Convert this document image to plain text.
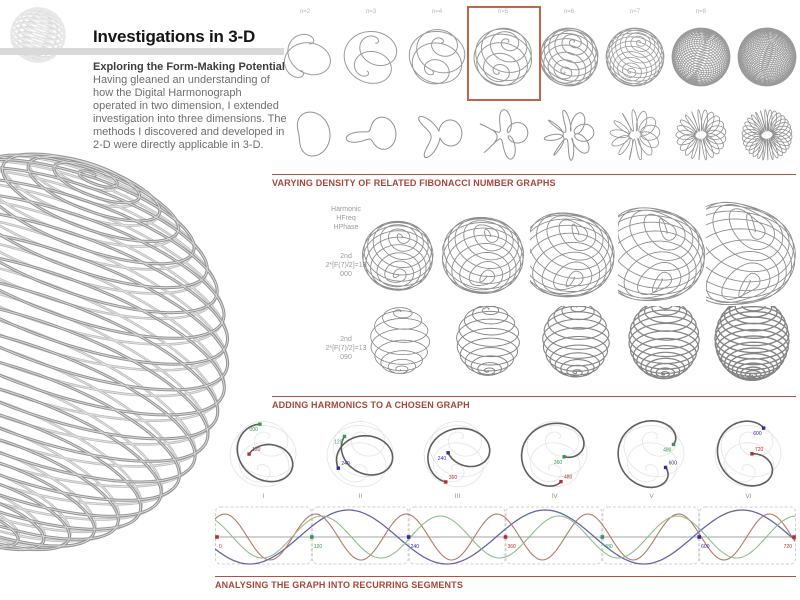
Investigations in 3-D
Exploring the Form-Making Potential

Having gleaned an understanding of how the Digital Harmonograph operated in two dimension, I extended investigation into three dimensions. The methods I discovered and developed in 2-D were directly applicable in 3-D.

VARYING DENSITY OF RELATED FIBONACCI NUMBER GRAPHS
Harmonic
HFreq
HPhase
2nd
2*[F(7)/2]=13
000
2nd
2*[F(7)/2]=13
090
ADDING HARMONICS TO A CHOSEN GRAPH
000
120
120
240
240
360
360
480
480
600
600
720
0	120	240	360	480	600	720
ANALYSING THE GRAPH INTO RECURRING SEGMENTS
n=2	n=3	n=4	n=5	n=6	n=7	n=8
I	II	III	IV	V	VI
